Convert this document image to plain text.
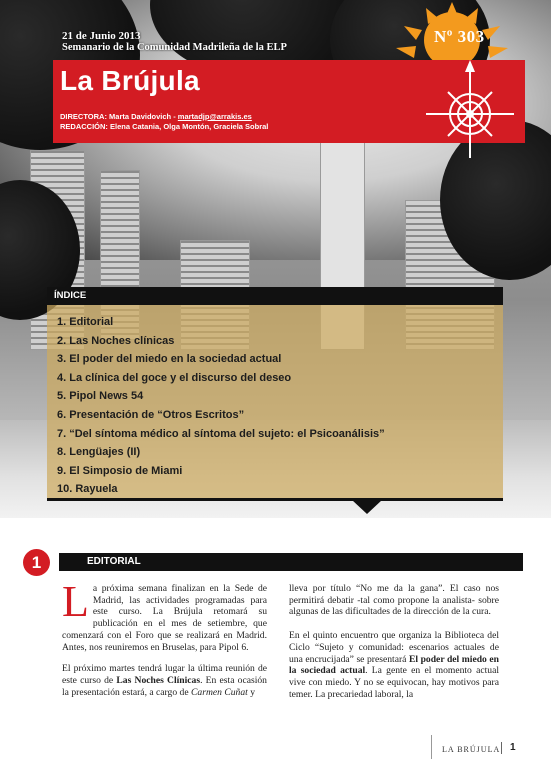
21 de Junio 2013
Semanario de la Comunidad Madrileña de la ELP
Nº 303
La Brújula
DIRECTORA: Marta Davidovich - martadjp@arrakis.es
REDACCIÓN: Elena Catania, Olga Montón, Graciela Sobral
ÍNDICE
1. Editorial
2. Las Noches clínicas
3. El poder del miedo en la sociedad actual
4. La clínica del goce y el discurso del deseo
5. Pipol News 54
6. Presentación de “Otros Escritos”
7. “Del síntoma médico al síntoma del sujeto: el Psicoanálisis”
8. Lengüajes (II)
9. El Simposio de Miami
10. Rayuela
1	EDITORIAL

La próxima semana finalizan en la Sede de Madrid, las actividades programadas para este curso. La Brújula retomará su publicación en el mes de setiembre, que comenzará con el Foro que se realizará en Madrid. Antes, nos reuniremos en Bruselas, para Pipol 6.

El próximo martes tendrá lugar la última reunión de este curso de Las Noches Clínicas. En esta ocasión la presentación estará, a cargo de Carmen Cuñat y

lleva por título “No me da la gana”. El caso nos permitirá debatir -tal como propone la analista- sobre algunas de las dificultades de la dirección de la cura.

En el quinto encuentro que organiza la Biblioteca del Ciclo “Sujeto y comunidad: escenarios actuales de una encrucijada” se presentará El poder del miedo en la sociedad actual. La gente en el momento actual vive con miedo. Y no se equivocan, hay motivos para temer. La precariedad laboral, la

LA BRÚJULA 1
